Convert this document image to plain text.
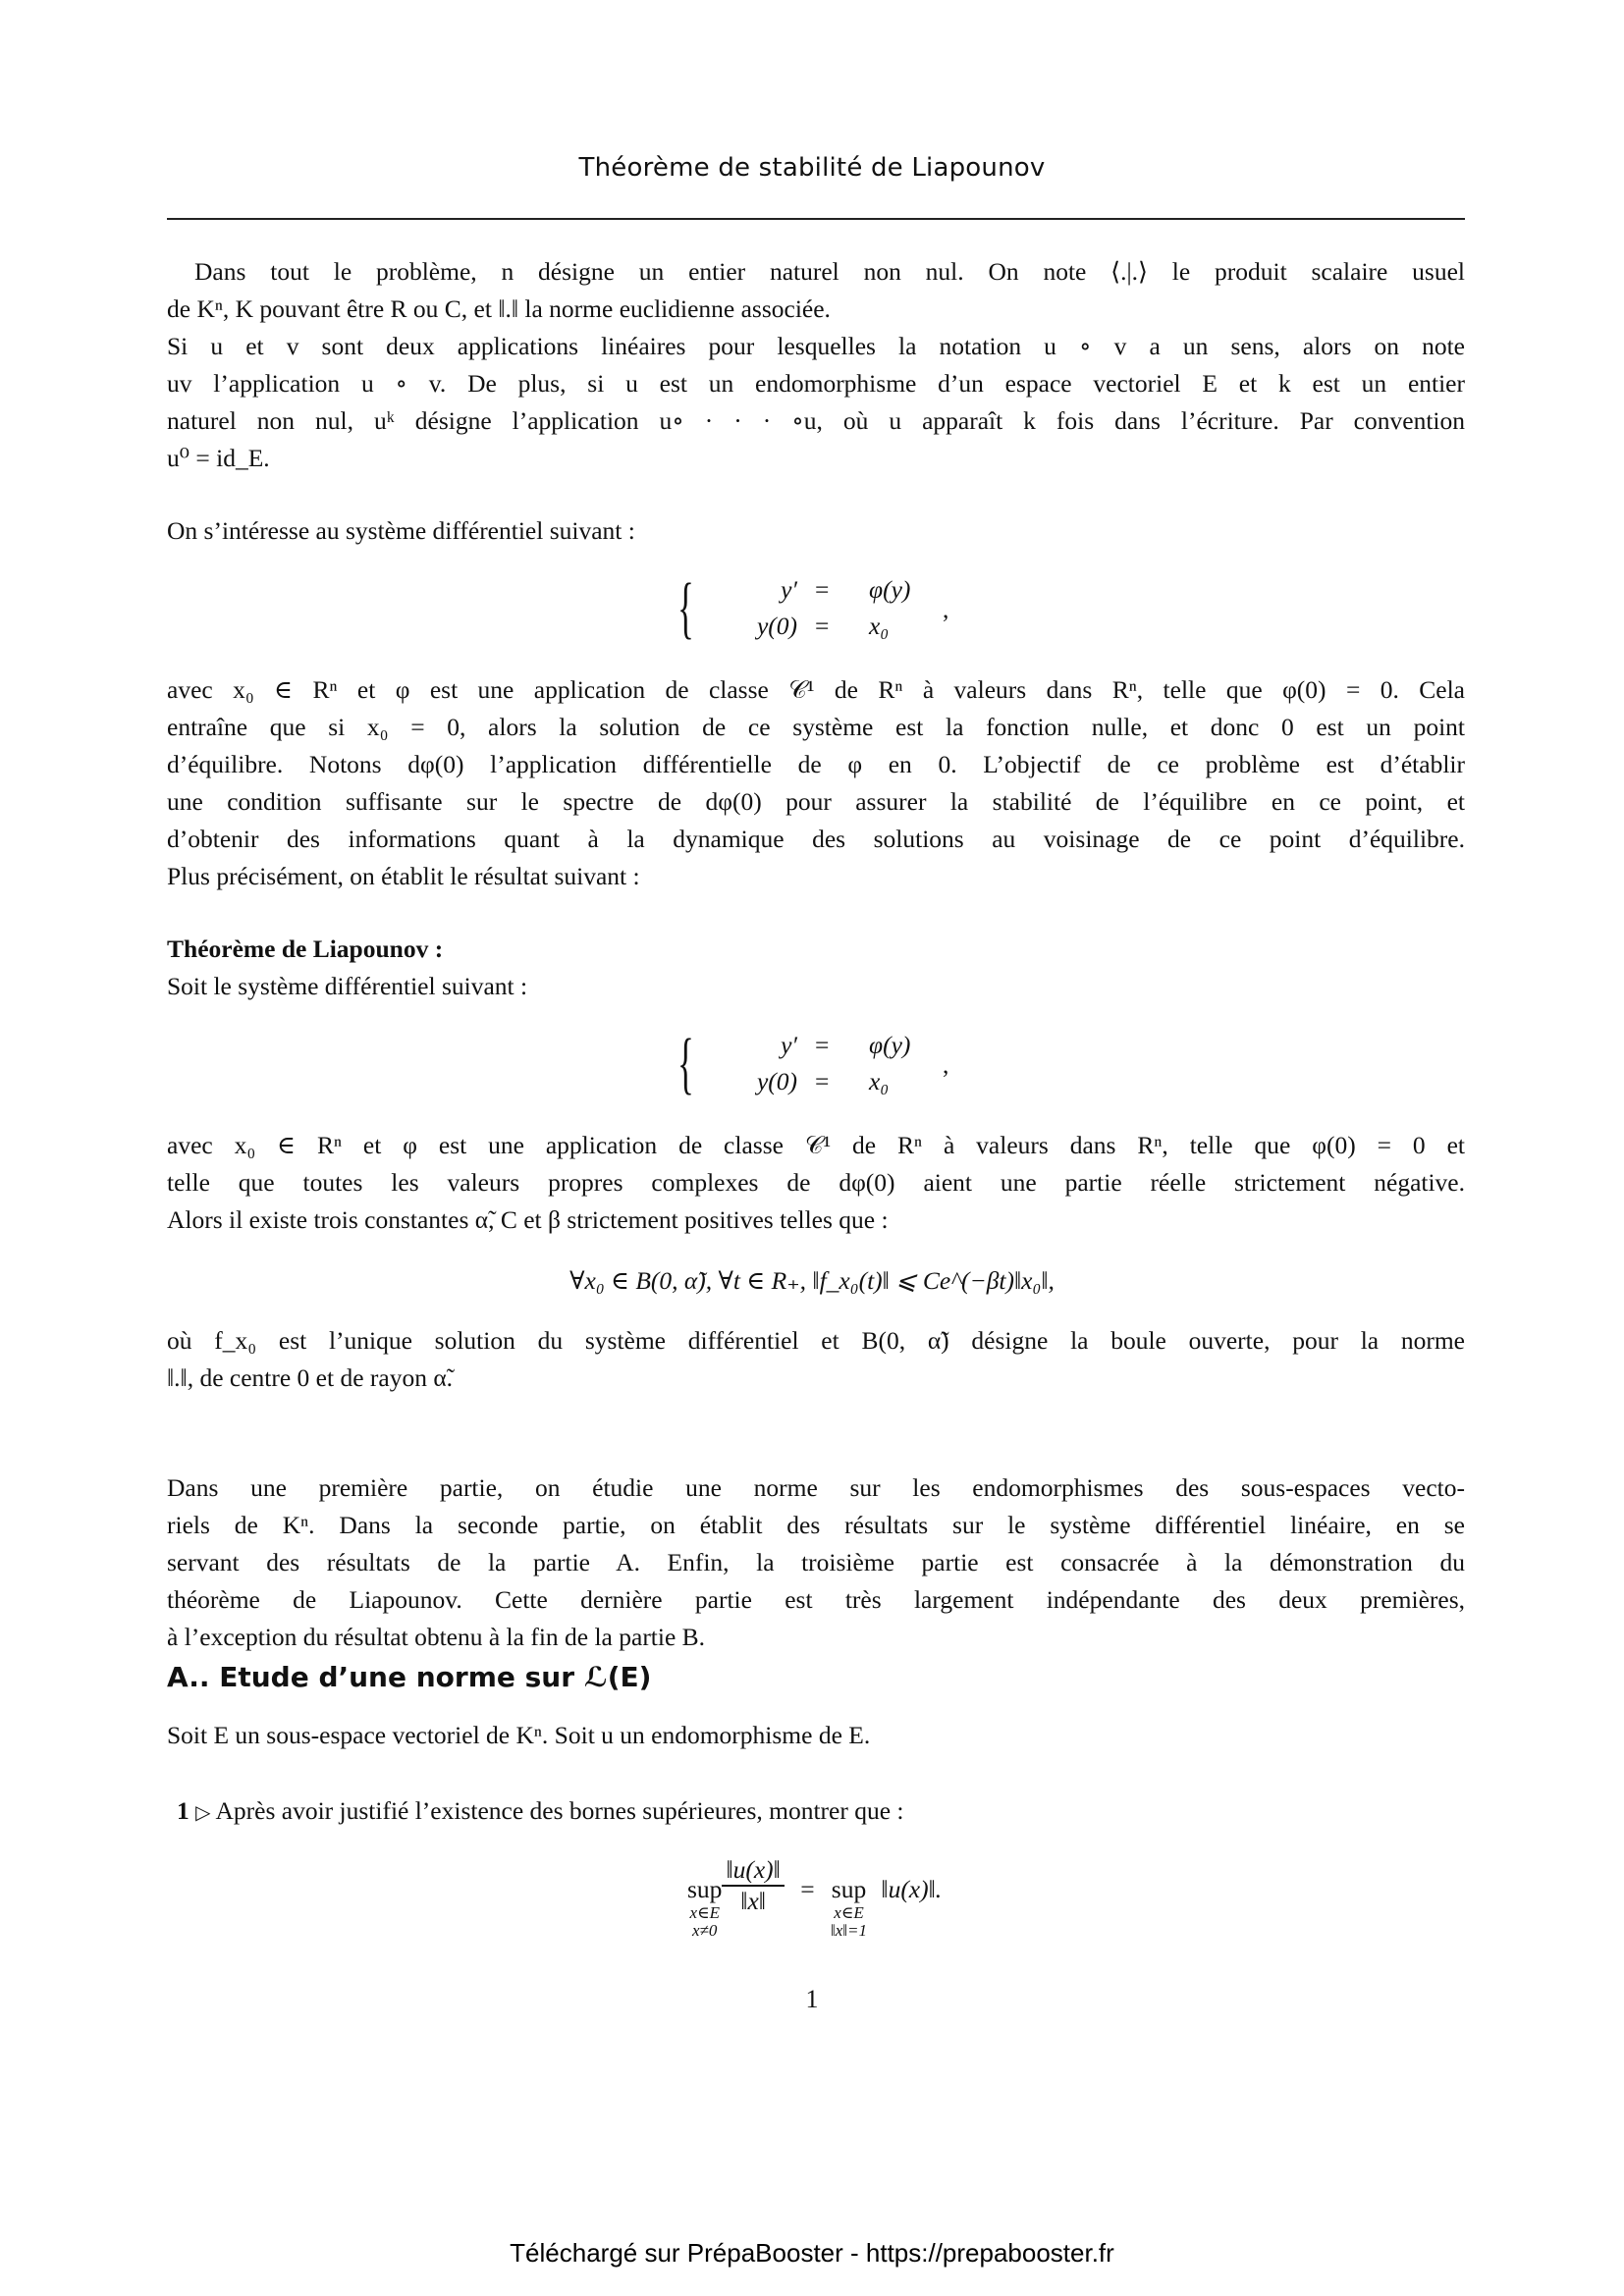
Théorème de stabilité de Liapounov
Dans tout le problème, n désigne un entier naturel non nul. On note ⟨.|.⟩ le produit scalaire usuel
de Kⁿ, K pouvant être R ou C, et ‖.‖ la norme euclidienne associée.
Si u et v sont deux applications linéaires pour lesquelles la notation u ∘ v a un sens, alors on note
uv l’application u ∘ v. De plus, si u est un endomorphisme d’un espace vectoriel E et k est un entier
naturel non nul, uᵏ désigne l’application u∘ · · · ∘u, où u apparaît k fois dans l’écriture. Par convention
u⁰ = id_E.
On s’intéresse au système différentiel suivant :
{	y′ = φ(y)
y(0) = x₀
,
avec x₀ ∈ Rⁿ et φ est une application de classe 𝒞¹ de Rⁿ à valeurs dans Rⁿ, telle que φ(0) = 0. Cela
entraîne que si x₀ = 0, alors la solution de ce système est la fonction nulle, et donc 0 est un point
d’équilibre. Notons dφ(0) l’application différentielle de φ en 0. L’objectif de ce problème est d’établir
une condition suffisante sur le spectre de dφ(0) pour assurer la stabilité de l’équilibre en ce point, et
d’obtenir des informations quant à la dynamique des solutions au voisinage de ce point d’équilibre.
Plus précisément, on établit le résultat suivant :
Théorème de Liapounov :
Soit le système différentiel suivant :
{	y′ = φ(y)
y(0) = x₀
,
avec x₀ ∈ Rⁿ et φ est une application de classe 𝒞¹ de Rⁿ à valeurs dans Rⁿ, telle que φ(0) = 0 et
telle que toutes les valeurs propres complexes de dφ(0) aient une partie réelle strictement négative.
Alors il existe trois constantes α̃, C et β strictement positives telles que :
∀x₀ ∈ B(0, α̃), ∀t ∈ R₊, ‖f_x₀(t)‖ ⩽ Ce^(−βt)‖x₀‖,
où f_x₀ est l’unique solution du système différentiel et B(0, α̃) désigne la boule ouverte, pour la norme
‖.‖, de centre 0 et de rayon α̃.
Dans une première partie, on étudie une norme sur les endomorphismes des sous-espaces vecto-
riels de Kⁿ. Dans la seconde partie, on établit des résultats sur le système différentiel linéaire, en se
servant des résultats de la partie A. Enfin, la troisième partie est consacrée à la démonstration du
théorème de Liapounov. Cette dernière partie est très largement indépendante des deux premières,
à l’exception du résultat obtenu à la fin de la partie B.
A.. Etude d’une norme sur ℒ(E)
Soit E un sous-espace vectoriel de Kⁿ. Soit u un endomorphisme de E.
1 ▷ Après avoir justifié l’existence des bornes supérieures, montrer que :
sup
x∈E
x≠0
$\frac{‖u(x)‖}{‖x‖}$ = sup
x∈E
‖x‖=1
‖u(x)‖.
1
Téléchargé sur PrépaBooster - https://prepabooster.fr
